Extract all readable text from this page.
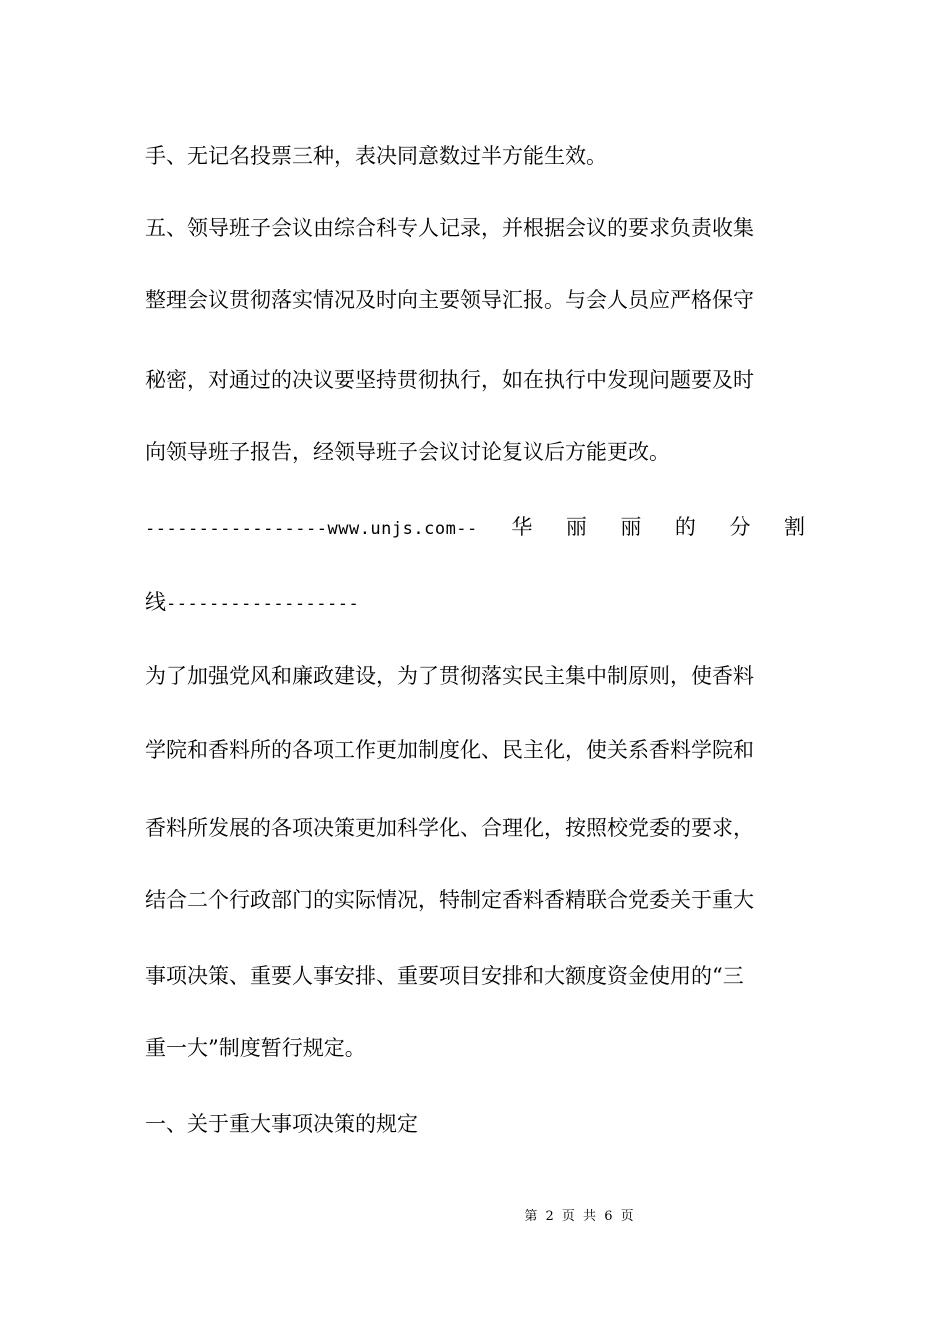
手、无记名投票三种，表决同意数过半方能生效。
五、领导班子会议由综合科专人记录，并根据会议的要求负责收集
整理会议贯彻落实情况及时向主要领导汇报。与会人员应严格保守
秘密，对通过的决议要坚持贯彻执行，如在执行中发现问题要及时
向领导班子报告，经领导班子会议讨论复议后方能更改。
-----------------www.unjs.com-- 华 丽 丽 的 分 割
线------------------
为了加强党风和廉政建设，为了贯彻落实民主集中制原则，使香料
学院和香料所的各项工作更加制度化、民主化，使关系香料学院和
香料所发展的各项决策更加科学化、合理化，按照校党委的要求，
结合二个行政部门的实际情况，特制定香料香精联合党委关于重大
事项决策、重要人事安排、重要项目安排和大额度资金使用的“三
重一大”制度暂行规定。
一、关于重大事项决策的规定
第 2 页 共 6 页
